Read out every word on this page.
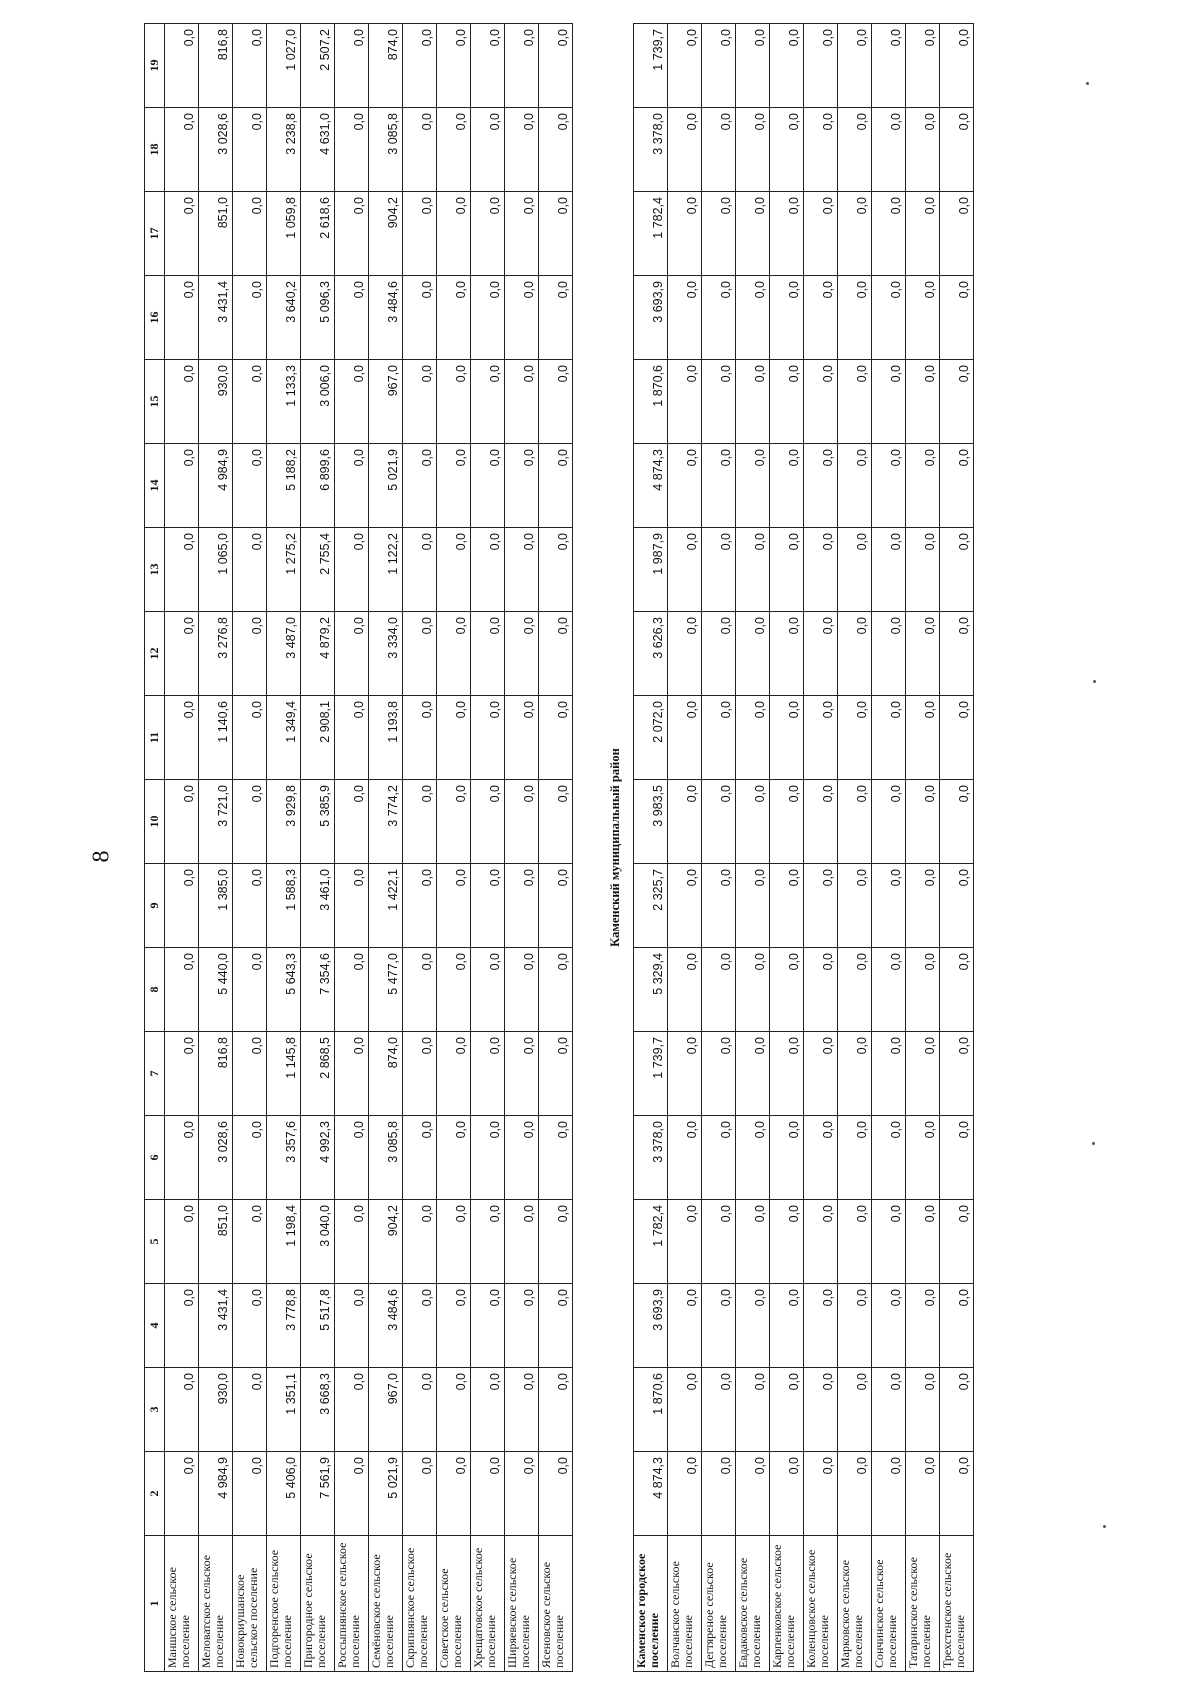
8
1	2	3	4	5	6	7	8	9	10	11	12	13	14	15	16	17	18	19
Маншское сельское поселение	0,0	0,0	0,0	0,0	0,0	0,0	0,0	0,0	0,0	0,0	0,0	0,0	0,0	0,0	0,0	0,0	0,0	0,0
Меловатское сельское поселение	4 984,9	930,0	3 431,4	851,0	3 028,6	816,8	5 440,0	1 385,0	3 721,0	1 140,6	3 276,8	1 065,0	4 984,9	930,0	3 431,4	851,0	3 028,6	816,8
Новокриушанское сельское поселение	0,0	0,0	0,0	0,0	0,0	0,0	0,0	0,0	0,0	0,0	0,0	0,0	0,0	0,0	0,0	0,0	0,0	0,0
Подгоренское сельское поселение	5 406,0	1 351,1	3 778,8	1 198,4	3 357,6	1 145,8	5 643,3	1 588,3	3 929,8	1 349,4	3 487,0	1 275,2	5 188,2	1 133,3	3 640,2	1 059,8	3 238,8	1 027,0
Пригородное сельское поселение	7 561,9	3 668,3	5 517,8	3 040,0	4 992,3	2 868,5	7 354,6	3 461,0	5 385,9	2 908,1	4 879,2	2 755,4	6 899,6	3 006,0	5 096,3	2 618,6	4 631,0	2 507,2
Россыпнянское сельское поселение	0,0	0,0	0,0	0,0	0,0	0,0	0,0	0,0	0,0	0,0	0,0	0,0	0,0	0,0	0,0	0,0	0,0	0,0
Семёновское сельское поселение	5 021,9	967,0	3 484,6	904,2	3 085,8	874,0	5 477,0	1 422,1	3 774,2	1 193,8	3 334,0	1 122,2	5 021,9	967,0	3 484,6	904,2	3 085,8	874,0
Скрипнянское сельское поселение	0,0	0,0	0,0	0,0	0,0	0,0	0,0	0,0	0,0	0,0	0,0	0,0	0,0	0,0	0,0	0,0	0,0	0,0
Советское сельское поселение	0,0	0,0	0,0	0,0	0,0	0,0	0,0	0,0	0,0	0,0	0,0	0,0	0,0	0,0	0,0	0,0	0,0	0,0
Хрещатовское сельское поселение	0,0	0,0	0,0	0,0	0,0	0,0	0,0	0,0	0,0	0,0	0,0	0,0	0,0	0,0	0,0	0,0	0,0	0,0
Ширяевское сельское поселение	0,0	0,0	0,0	0,0	0,0	0,0	0,0	0,0	0,0	0,0	0,0	0,0	0,0	0,0	0,0	0,0	0,0	0,0
Ясеновское сельское поселение	0,0	0,0	0,0	0,0	0,0	0,0	0,0	0,0	0,0	0,0	0,0	0,0	0,0	0,0	0,0	0,0	0,0	0,0

Каменский муниципальный район																		
Каменское городское поселение	4 874,3	1 870,6	3 693,9	1 782,4	3 378,0	1 739,7	5 329,4	2 325,7	3 983,5	2 072,0	3 626,3	1 987,9	4 874,3	1 870,6	3 693,9	1 782,4	3 378,0	1 739,7
Волчанское сельское поселение	0,0	0,0	0,0	0,0	0,0	0,0	0,0	0,0	0,0	0,0	0,0	0,0	0,0	0,0	0,0	0,0	0,0	0,0
Дегтяреное сельское поселение	0,0	0,0	0,0	0,0	0,0	0,0	0,0	0,0	0,0	0,0	0,0	0,0	0,0	0,0	0,0	0,0	0,0	0,0
Евдаковское сельское поселение	0,0	0,0	0,0	0,0	0,0	0,0	0,0	0,0	0,0	0,0	0,0	0,0	0,0	0,0	0,0	0,0	0,0	0,0
Карпенковское сельское поселение	0,0	0,0	0,0	0,0	0,0	0,0	0,0	0,0	0,0	0,0	0,0	0,0	0,0	0,0	0,0	0,0	0,0	0,0
Коленцовское сельское поселение	0,0	0,0	0,0	0,0	0,0	0,0	0,0	0,0	0,0	0,0	0,0	0,0	0,0	0,0	0,0	0,0	0,0	0,0
Марковское сельское поселение	0,0	0,0	0,0	0,0	0,0	0,0	0,0	0,0	0,0	0,0	0,0	0,0	0,0	0,0	0,0	0,0	0,0	0,0
Сончинское сельское поселение	0,0	0,0	0,0	0,0	0,0	0,0	0,0	0,0	0,0	0,0	0,0	0,0	0,0	0,0	0,0	0,0	0,0	0,0
Татаринское сельское поселение	0,0	0,0	0,0	0,0	0,0	0,0	0,0	0,0	0,0	0,0	0,0	0,0	0,0	0,0	0,0	0,0	0,0	0,0
Трехстенское сельское поселение	0,0	0,0	0,0	0,0	0,0	0,0	0,0	0,0	0,0	0,0	0,0	0,0	0,0	0,0	0,0	0,0	0,0	0,0
